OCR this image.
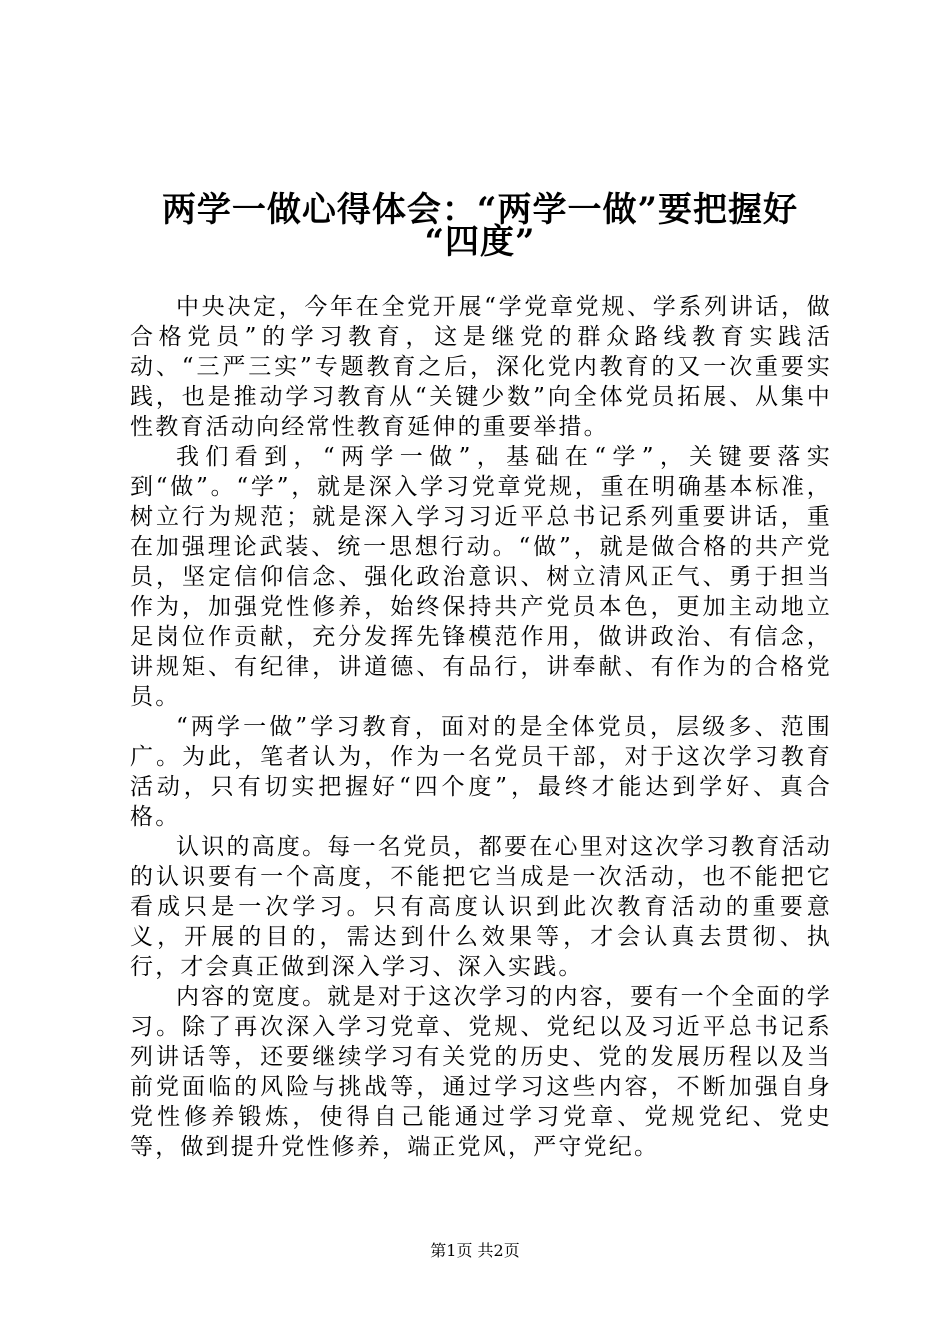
两学一做心得体会：“两学一做”要把握好
“四度”

中央决定，今年在全党开展“学党章党规、学系列讲话，做合格党员”的学习教育，这是继党的群众路线教育实践活动、“三严三实”专题教育之后，深化党内教育的又一次重要实践，也是推动学习教育从“关键少数”向全体党员拓展、从集中性教育活动向经常性教育延伸的重要举措。

我们看到，“两学一做”，基础在“学”，关键要落实到“做”。“学”，就是深入学习党章党规，重在明确基本标准，树立行为规范；就是深入学习习近平总书记系列重要讲话，重在加强理论武装、统一思想行动。“做”，就是做合格的共产党员，坚定信仰信念、强化政治意识、树立清风正气、勇于担当作为，加强党性修养，始终保持共产党员本色，更加主动地立足岗位作贡献，充分发挥先锋模范作用，做讲政治、有信念，讲规矩、有纪律，讲道德、有品行，讲奉献、有作为的合格党员。

“两学一做”学习教育，面对的是全体党员，层级多、范围广。为此，笔者认为，作为一名党员干部，对于这次学习教育活动，只有切实把握好“四个度”，最终才能达到学好、真合格。

认识的高度。每一名党员，都要在心里对这次学习教育活动的认识要有一个高度，不能把它当成是一次活动，也不能把它看成只是一次学习。只有高度认识到此次教育活动的重要意义，开展的目的，需达到什么效果等，才会认真去贯彻、执行，才会真正做到深入学习、深入实践。

内容的宽度。就是对于这次学习的内容，要有一个全面的学习。除了再次深入学习党章、党规、党纪以及习近平总书记系列讲话等，还要继续学习有关党的历史、党的发展历程以及当前党面临的风险与挑战等，通过学习这些内容，不断加强自身党性修养锻炼，使得自己能通过学习党章、党规党纪、党史等，做到提升党性修养，端正党风，严守党纪。

第1页 共2页
